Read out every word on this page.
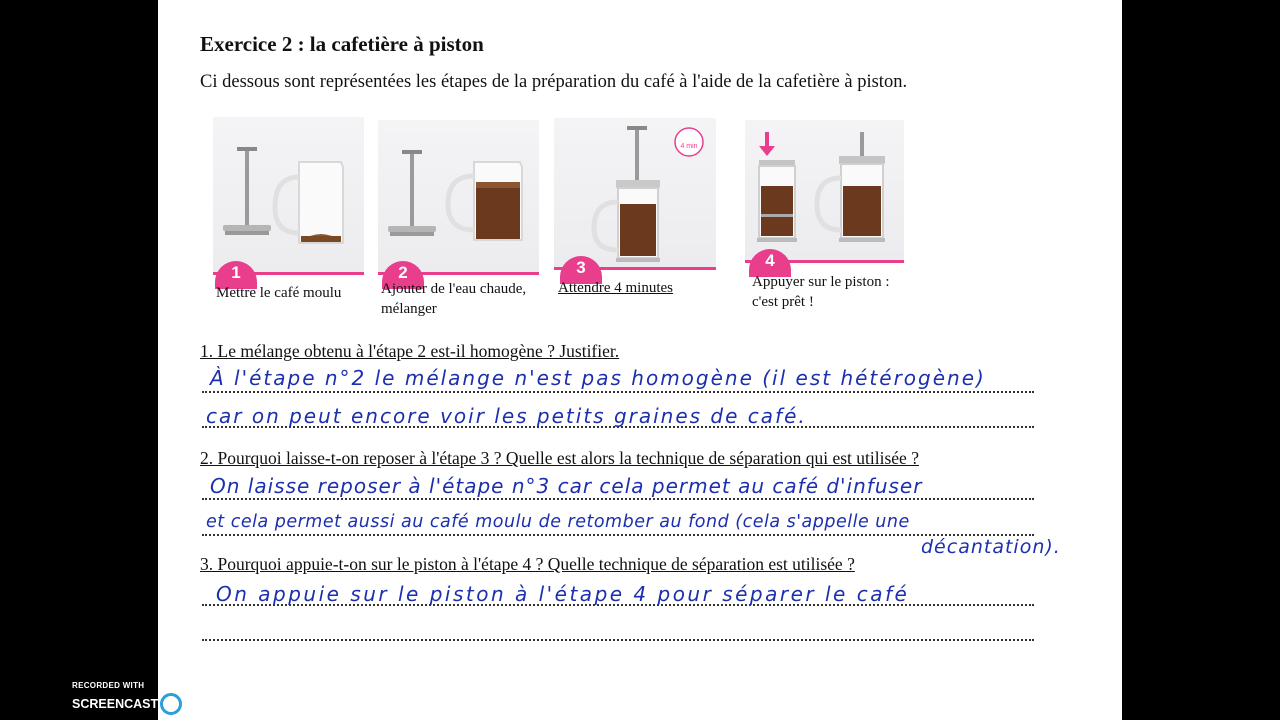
Exercice 2 : la cafetière à piston
Ci dessous sont représentées les étapes de la préparation du café à l'aide de la cafetière à piston.
1
Mettre le café moulu
2
Ajouter de l'eau chaude,
mélanger
4 min
3
Attendre 4 minutes
4
Appuyer sur le piston :
c'est prêt !
1. Le mélange obtenu à l'étape 2 est-il homogène ? Justifier.
À l'étape n°2 le mélange n'est pas homogène (il est hétérogène)
car on peut encore voir les petits graines de café.
2. Pourquoi laisse-t-on reposer à l'étape 3 ? Quelle est alors la technique de séparation qui est utilisée ?
On laisse reposer à l'étape n°3 car cela permet au café d'infuser
et cela permet aussi au café moulu de retomber au fond (cela s'appelle une
décantation).
3. Pourquoi appuie-t-on sur le piston à l'étape 4 ? Quelle technique de séparation est utilisée ?
On appuie sur le piston à l'étape 4 pour séparer le café
RECORDED WITH
SCREENCAST MATIC
